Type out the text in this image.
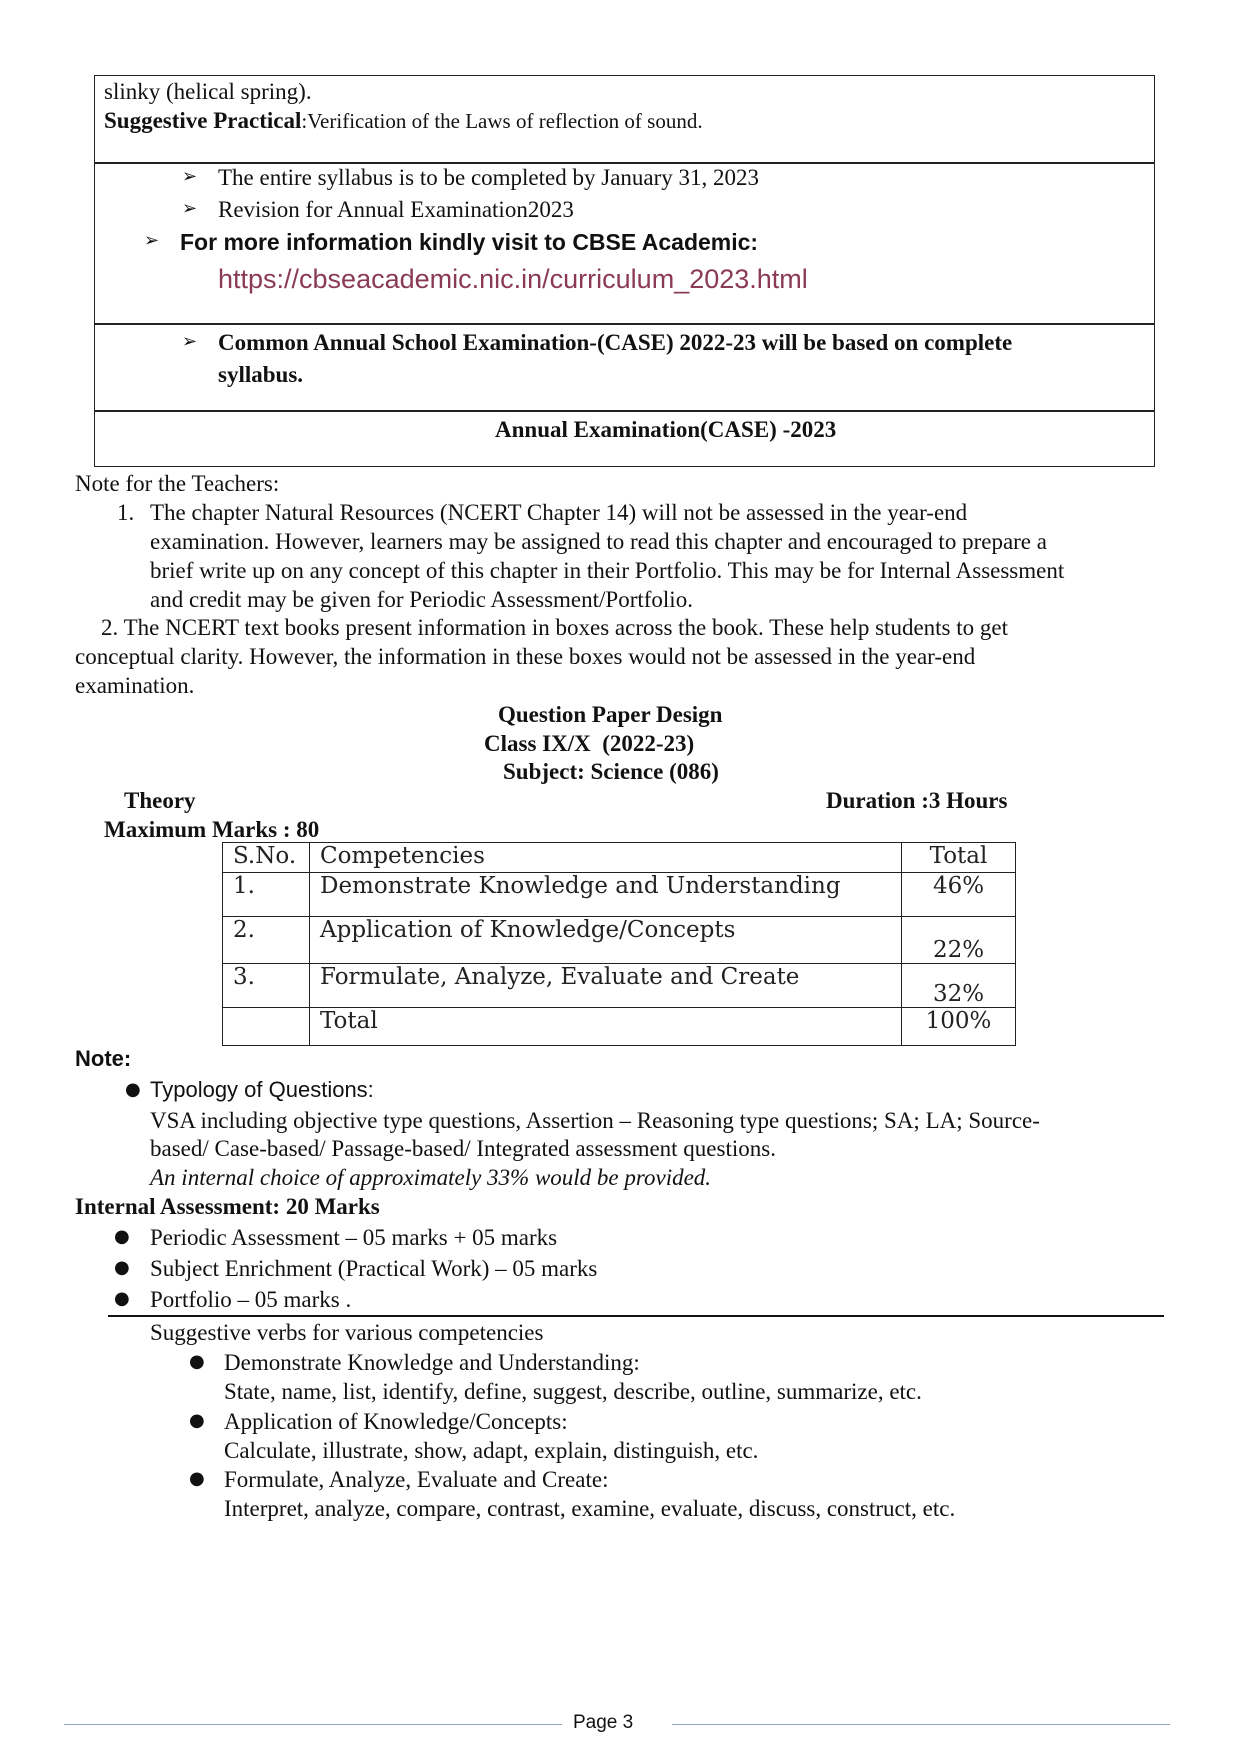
slinky (helical spring).
Suggestive Practical:Verification of the Laws of reflection of sound.
➢ The entire syllabus is to be completed by January 31, 2023
➢ Revision for Annual Examination2023
➢ For more information kindly visit to CBSE Academic:
https://cbseacademic.nic.in/curriculum_2023.html
➢ Common Annual School Examination-(CASE) 2022-23 will be based on complete
syllabus.
Annual Examination(CASE) -2023
Note for the Teachers:
1. The chapter Natural Resources (NCERT Chapter 14) will not be assessed in the year-end
examination. However, learners may be assigned to read this chapter and encouraged to prepare a
brief write up on any concept of this chapter in their Portfolio. This may be for Internal Assessment
and credit may be given for Periodic Assessment/Portfolio.
2. The NCERT text books present information in boxes across the book. These help students to get
conceptual clarity. However, the information in these boxes would not be assessed in the year-end
examination.
Question Paper Design
Class IX/X  (2022-23)
Subject: Science (086)
Theory	Duration :3 Hours
Maximum Marks : 80
S.No.	Competencies	Total
1.	Demonstrate Knowledge and Understanding	46%
2.	Application of Knowledge/Concepts	22%
3.	Formulate, Analyze, Evaluate and Create	32%
	Total	100%
Note:
● Typology of Questions:
VSA including objective type questions, Assertion – Reasoning type questions; SA; LA; Source-
based/ Case-based/ Passage-based/ Integrated assessment questions.
An internal choice of approximately 33% would be provided.
Internal Assessment: 20 Marks
● Periodic Assessment – 05 marks + 05 marks
● Subject Enrichment (Practical Work) – 05 marks
● Portfolio – 05 marks .
Suggestive verbs for various competencies
● Demonstrate Knowledge and Understanding:
State, name, list, identify, define, suggest, describe, outline, summarize, etc.
● Application of Knowledge/Concepts:
Calculate, illustrate, show, adapt, explain, distinguish, etc.
● Formulate, Analyze, Evaluate and Create:
Interpret, analyze, compare, contrast, examine, evaluate, discuss, construct, etc.
Page 3
